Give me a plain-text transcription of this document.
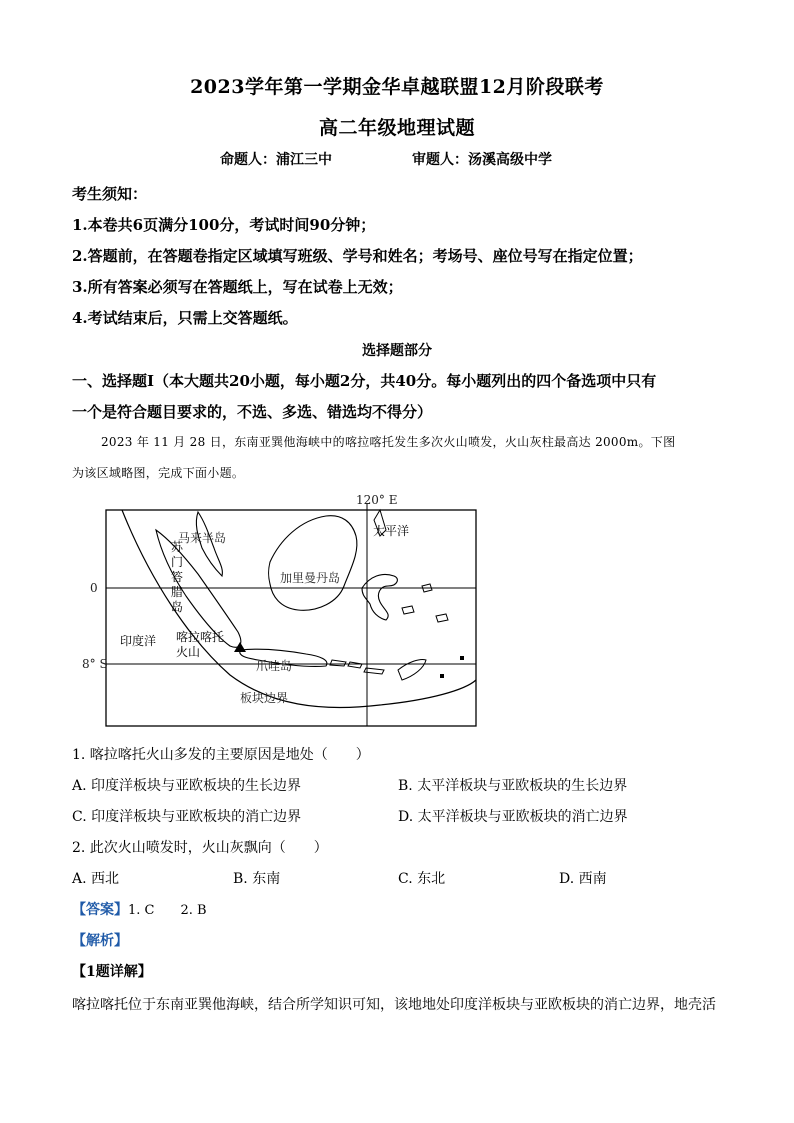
2023学年第一学期金华卓越联盟12月阶段联考
高二年级地理试题
命题人：浦江三中	审题人：汤溪高级中学
考生须知：
1.本卷共6页满分100分，考试时间90分钟；
2.答题前，在答题卷指定区域填写班级、学号和姓名；考场号、座位号写在指定位置；
3.所有答案必须写在答题纸上，写在试卷上无效；
4.考试结束后，只需上交答题纸。
选择题部分
一、选择题Ⅰ（本大题共20小题，每小题2分，共40分。每小题列出的四个备选项中只有
一个是符合题目要求的，不选、多选、错选均不得分）
2023 年 11 月 28 日，东南亚巽他海峡中的喀拉喀托发生多次火山喷发，火山灰柱最高达 2000m。下图
为该区域略图，完成下面小题。
120° E
0
8° S
马来半岛
加里曼丹岛
爪哇岛
板块边界
苏门答腊岛
喀拉喀托火山
太平洋
印度洋
1. 喀拉喀托火山多发的主要原因是地处（　　）
A. 印度洋板块与亚欧板块的生长边界	B. 太平洋板块与亚欧板块的生长边界
C. 印度洋板块与亚欧板块的消亡边界	D. 太平洋板块与亚欧板块的消亡边界
2. 此次火山喷发时，火山灰飘向（　　）
A. 西北	B. 东南	C. 东北	D. 西南
【答案】1. C　　2. B
【解析】
【1题详解】
喀拉喀托位于东南亚巽他海峡，结合所学知识可知，该地地处印度洋板块与亚欧板块的消亡边界，地壳活
